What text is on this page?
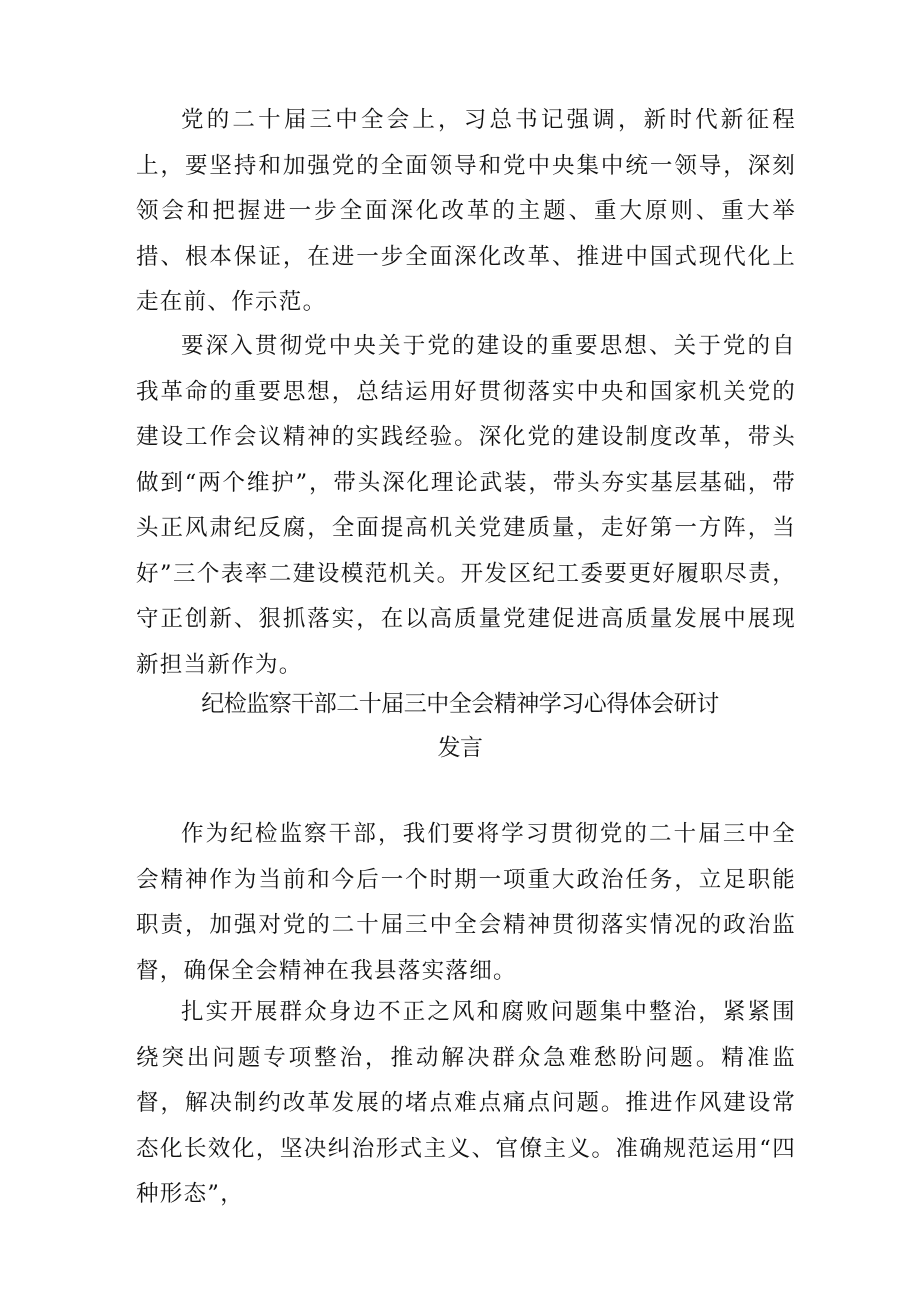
党的二十届三中全会上，习总书记强调，新时代新征程上，要坚持和加强党的全面领导和党中央集中统一领导，深刻领会和把握进一步全面深化改革的主题、重大原则、重大举措、根本保证，在进一步全面深化改革、推进中国式现代化上走在前、作示范。

要深入贯彻党中央关于党的建设的重要思想、关于党的自我革命的重要思想，总结运用好贯彻落实中央和国家机关党的建设工作会议精神的实践经验。深化党的建设制度改革，带头做到“两个维护”，带头深化理论武装，带头夯实基层基础，带头正风肃纪反腐，全面提高机关党建质量，走好第一方阵，当好”三个表率二建设模范机关。开发区纪工委要更好履职尽责，守正创新、狠抓落实，在以高质量党建促进高质量发展中展现新担当新作为。

纪检监察干部二十届三中全会精神学习心得体会研讨
发言

作为纪检监察干部，我们要将学习贯彻党的二十届三中全会精神作为当前和今后一个时期一项重大政治任务，立足职能职责，加强对党的二十届三中全会精神贯彻落实情况的政治监督，确保全会精神在我县落实落细。

扎实开展群众身边不正之风和腐败问题集中整治，紧紧围绕突出问题专项整治，推动解决群众急难愁盼问题。精准监督，解决制约改革发展的堵点难点痛点问题。推进作风建设常态化长效化，坚决纠治形式主义、官僚主义。准确规范运用“四种形态”，
